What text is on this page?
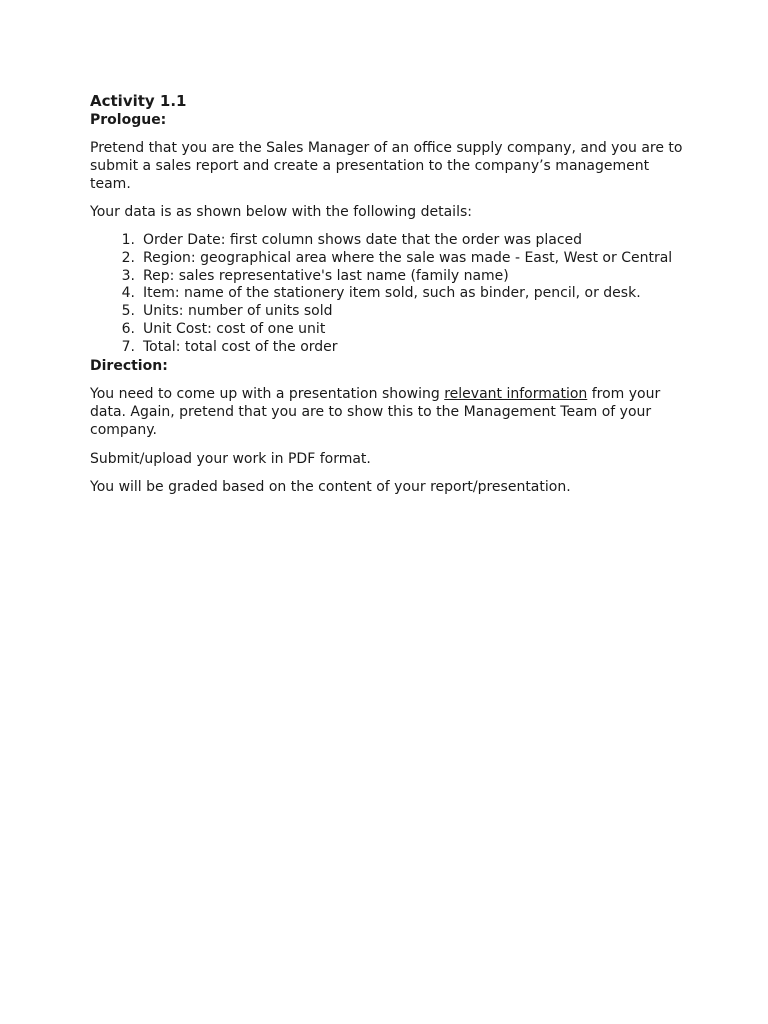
Activity 1.1
Prologue:

Pretend that you are the Sales Manager of an office supply company, and you are to submit a sales report and create a presentation to the company’s management team.

Your data is as shown below with the following details:

1. Order Date: first column shows date that the order was placed
2. Region: geographical area where the sale was made - East, West or Central
3. Rep: sales representative's last name (family name)
4. Item: name of the stationery item sold, such as binder, pencil, or desk.
5. Units: number of units sold
6. Unit Cost: cost of one unit
7. Total: total cost of the order
Direction:

You need to come up with a presentation showing relevant information from your data. Again, pretend that you are to show this to the Management Team of your company.

Submit/upload your work in PDF format.

You will be graded based on the content of your report/presentation.
